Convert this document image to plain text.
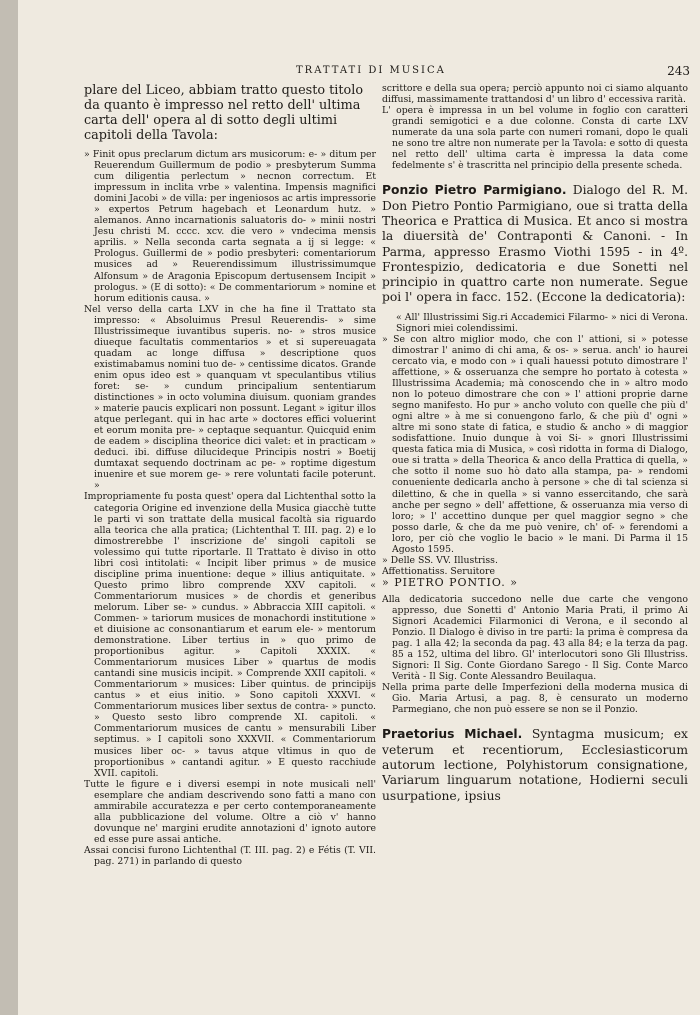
TRATTATI DI MUSICA	243

plare del Liceo, abbiam tratto questo titolo da quanto è impresso nel retto dell' ultima carta dell' opera al di sotto degli ultimi capitoli della Tavola:

» Finit opus preclarum dictum ars musicorum: e- » ditum per Reuerendum Guillermum de podio » presbyterum Summa cum diligentia perlectum » necnon correctum. Et impressum in inclita vrbe » valentina. Impensis magnifici domini Jacobi » de villa: per ingeniosos ac artis impressorie » expertos Petrum hagebach et Leonardum hutz. » alemanos. Anno incarnationis saluatoris do- » minii nostri Jesu christi M. cccc. xcv. die vero » vndecima mensis aprilis. » Nella seconda carta segnata a ij si legge: « Prologus. Guillermi de » podio presbyteri: comentariorum musices ad » Reuerendissimum illustrissimumque Alfonsum » de Aragonia Episcopum dertusensem Incipit » prologus. » (E di sotto): « De commentariorum » nomine et horum editionis causa. »

Nel verso della carta LXV in che ha fine il Trattato sta impresso: « Absoluimus Presul Reuerendis- » sime Illustrissimeque iuvantibus superis. no- » stros musice diueque facultatis commentarios » et si supereuagata quadam ac longe diffusa » descriptione quos existimabamus nomini tuo de- » centissime dicatos. Grande enim opus ideo est » quanquam vt speculantibus vtilius foret: se- » cundum principalium sententiarum distinctiones » in octo volumina diuisum. quoniam grandes » materie paucis explicari non possunt. Legant » igitur illos atque perlegant. qui in hac arte » doctores effici voluerint et eorum monita pre- » ceptaque sequantur. Quicquid enim de eadem » disciplina theorice dici valet: et in practicam » deduci. ibi. diffuse dilucideque Principis nostri » Boetij dumtaxat sequendo doctrinam ac pe- » roptime digestum inuenire et sue morem ge- » rere voluntati facile poterunt. »

Impropriamente fu posta quest' opera dal Lichtenthal sotto la categoria Origine ed invenzione della Musica giacchè tutte le parti vi son trattate della musical facoltà sia riguardo alla teorica che alla pratica; (Lichtenthal T. III. pag. 2) e lo dimostrerebbe l' inscrizione de' singoli capitoli se volessimo qui tutte riportarle. Il Trattato è diviso in otto libri così intitolati: « Incipit liber primus » de musice discipline prima inuentione: deque » illius antiquitate. » Questo primo libro comprende XXV capitoli. « Commentariorum musices » de chordis et generibus melorum. Liber se- » cundus. » Abbraccia XIII capitoli. « Commen- » tariorum musices de monachordi institutione » et diuisione ac consonantiarum et earum ele- » mentorum demonstratione. Liber tertius in » quo primo de proportionibus agitur. » Capitoli XXXIX. « Commentariorum musices Liber » quartus de modis cantandi sine musicis incipit. » Comprende XXII capitoli. « Commentariorum » musices: Liber quintus. de principijs cantus » et eius initio. » Sono capitoli XXXVI. « Commentariorum musices liber sextus de contra- » puncto. » Questo sesto libro comprende XI. capitoli. « Commentariorum musices de cantu » mensurabili Liber septimus. » I capitoli sono XXXVII. « Commentariorum musices liber oc- » tavus atque vltimus in quo de proportionibus » cantandi agitur. » E questo racchiude XVII. capitoli.

Tutte le figure e i diversi esempi in note musicali nell' esemplare che andiam descrivendo sono fatti a mano con ammirabile accuratezza e per certo contemporaneamente alla pubblicazione del volume. Oltre a ciò v' hanno dovunque ne' margini erudite annotazioni d' ignoto autore ed esse pure assai antiche.

Assai concisi furono Lichtenthal (T. III. pag. 2) e Fétis (T. VII. pag. 271) in parlando di questo

scrittore e della sua opera; perciò appunto noi ci siamo alquanto diffusi, massimamente trattandosi d' un libro d' eccessiva rarità.

L' opera è impressa in un bel volume in foglio con caratteri grandi semigotici e a due colonne. Consta di carte LXV numerate da una sola parte con numeri romani, dopo le quali ne sono tre altre non numerate per la Tavola: e sotto di questa nel retto dell' ultima carta è impressa la data come fedelmente s' è trascritta nel principio della presente scheda.

Ponzio Pietro Parmigiano. Dialogo del R. M. Don Pietro Pontio Parmigiano, oue si tratta della Theorica e Prattica di Musica. Et anco si mostra la diuersità de' Contraponti & Canoni. - In Parma, appresso Erasmo Viothi 1595 - in 4º. Frontespizio, dedicatoria e due Sonetti nel principio in quattro carte non numerate. Segue poi l' opera in facc. 152. (Eccone la dedicatoria):

« All' Illustrissimi Sig.ri Accademici Filarmo- » nici di Verona. Signori miei colendissimi.

» Se con altro miglior modo, che con l' attioni, si » potesse dimostrar l' animo di chi ama, & os- » serua. anch' io haurei cercato via, e modo con » i quali hauessi potuto dimostrare l' affettione, » & osseruanza che sempre ho portato à cotesta » Illustrissima Academia; mà conoscendo che in » altro modo non lo poteuo dimostrare che con » l' attioni proprie darne segno manifesto. Ho pur » ancho voluto con quelle che più d' ogni altre » à me si conuengono farlo, & che più d' ogni » altre mi sono state di fatica, e studio & ancho » di maggior sodisfattione. Inuio dunque à voi Si- » gnori Illustrissimi questa fatica mia di Musica, » così ridotta in forma di Dialogo, oue si tratta » della Theorica & anco della Prattica di quella, » che sotto il nome suo hò dato alla stampa, pa- » rendomi conueniente dedicarla ancho à persone » che di tal scienza si dilettino, & che in quella » si vanno essercitando, che sarà anche per segno » dell' affettione, & osseruanza mia verso di loro; » l' accettino dunque per quel maggior segno » che posso darle, & che da me può venire, ch' of- » ferendomi a loro, per ciò che voglio le bacio » le mani. Di Parma il 15 Agosto 1595.

» Delle SS. VV. Illustriss.

Affettionatiss. Seruitore

» PIETRO PONTIO. »

Alla dedicatoria succedono nelle due carte che vengono appresso, due Sonetti d' Antonio Maria Prati, il primo Ai Signori Academici Filarmonici di Verona, e il secondo al Ponzio. Il Dialogo è diviso in tre parti: la prima è compresa da pag. 1 alla 42; la seconda da pag. 43 alla 84; e la terza da pag. 85 a 152, ultima del libro. Gl' interlocutori sono Gli Illustriss. Signori: Il Sig. Conte Giordano Sarego - Il Sig. Conte Marco Verità - Il Sig. Conte Alessandro Beuilaqua.

Nella prima parte delle Imperfezioni della moderna musica di Gio. Maria Artusi, a pag. 8, è censurato un moderno Parmegiano, che non può essere se non se il Ponzio.

Praetorius Michael. Syntagma musicum; ex veterum et recentiorum, Ecclesiasticorum autorum lectione, Polyhistorum consignatione, Variarum linguarum notatione, Hodierni seculi usurpatione, ipsius
